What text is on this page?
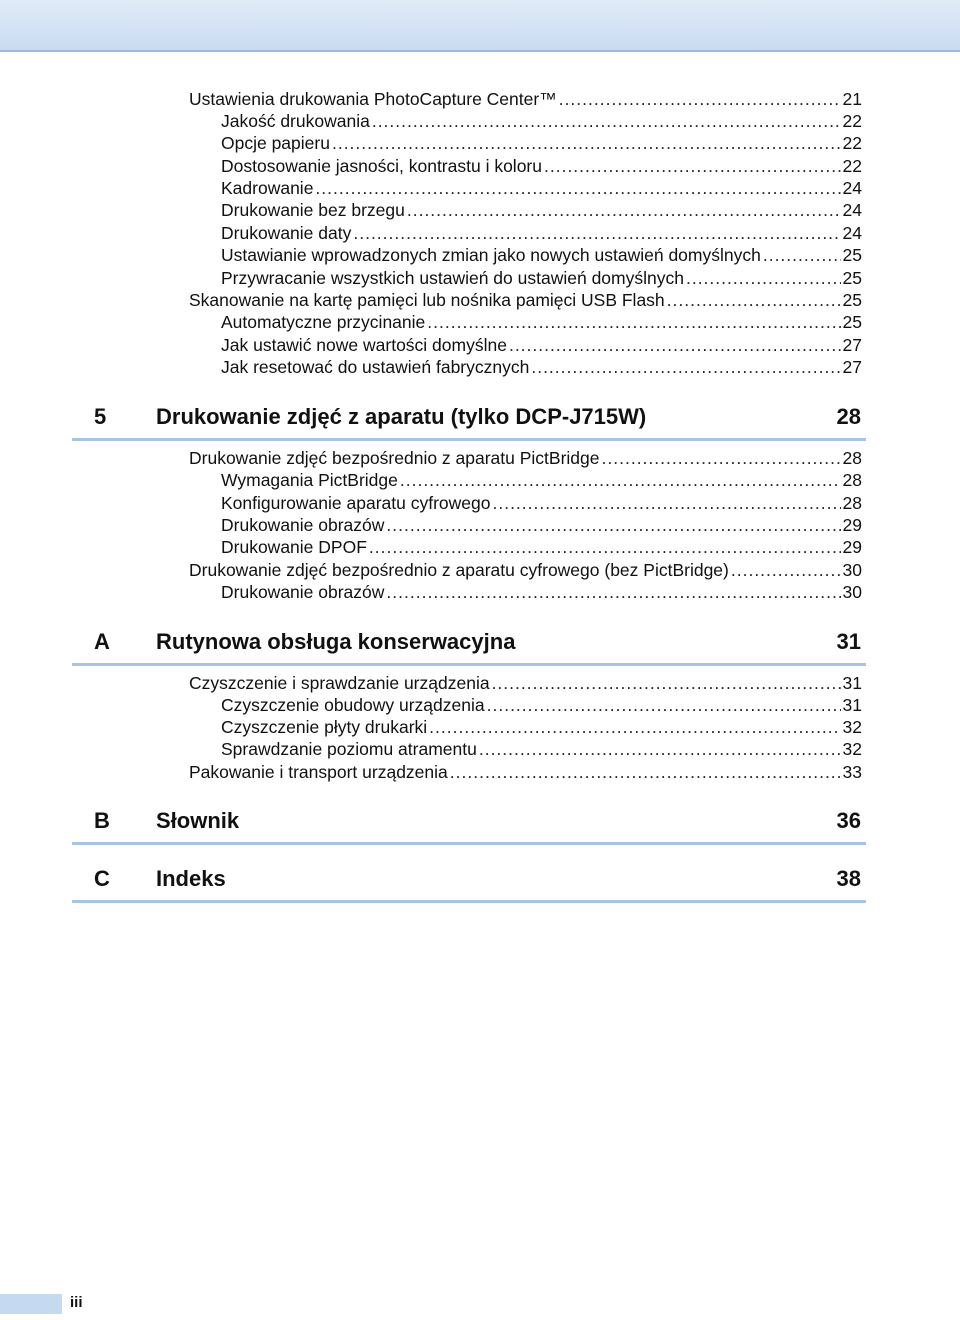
Ustawienia drukowania PhotoCapture Center™ .....	21
Jakość drukowania .....	22
Opcje papieru .....	22
Dostosowanie jasności, kontrastu i koloru .....	22
Kadrowanie .....	24
Drukowanie bez brzegu .....	24
Drukowanie daty .....	24
Ustawianie wprowadzonych zmian jako nowych ustawień domyślnych .....	25
Przywracanie wszystkich ustawień do ustawień domyślnych .....	25
Skanowanie na kartę pamięci lub nośnika pamięci USB Flash .....	25
Automatyczne przycinanie .....	25
Jak ustawić nowe wartości domyślne .....	27
Jak resetować do ustawień fabrycznych .....	27
5 Drukowanie zdjęć z aparatu (tylko DCP-J715W)	28
Drukowanie zdjęć bezpośrednio z aparatu PictBridge .....	28
Wymagania PictBridge .....	28
Konfigurowanie aparatu cyfrowego .....	28
Drukowanie obrazów .....	29
Drukowanie DPOF .....	29
Drukowanie zdjęć bezpośrednio z aparatu cyfrowego (bez PictBridge) .....	30
Drukowanie obrazów .....	30
A Rutynowa obsługa konserwacyjna	31
Czyszczenie i sprawdzanie urządzenia .....	31
Czyszczenie obudowy urządzenia .....	31
Czyszczenie płyty drukarki .....	32
Sprawdzanie poziomu atramentu .....	32
Pakowanie i transport urządzenia .....	33
B Słownik	36
C Indeks	38
iii
